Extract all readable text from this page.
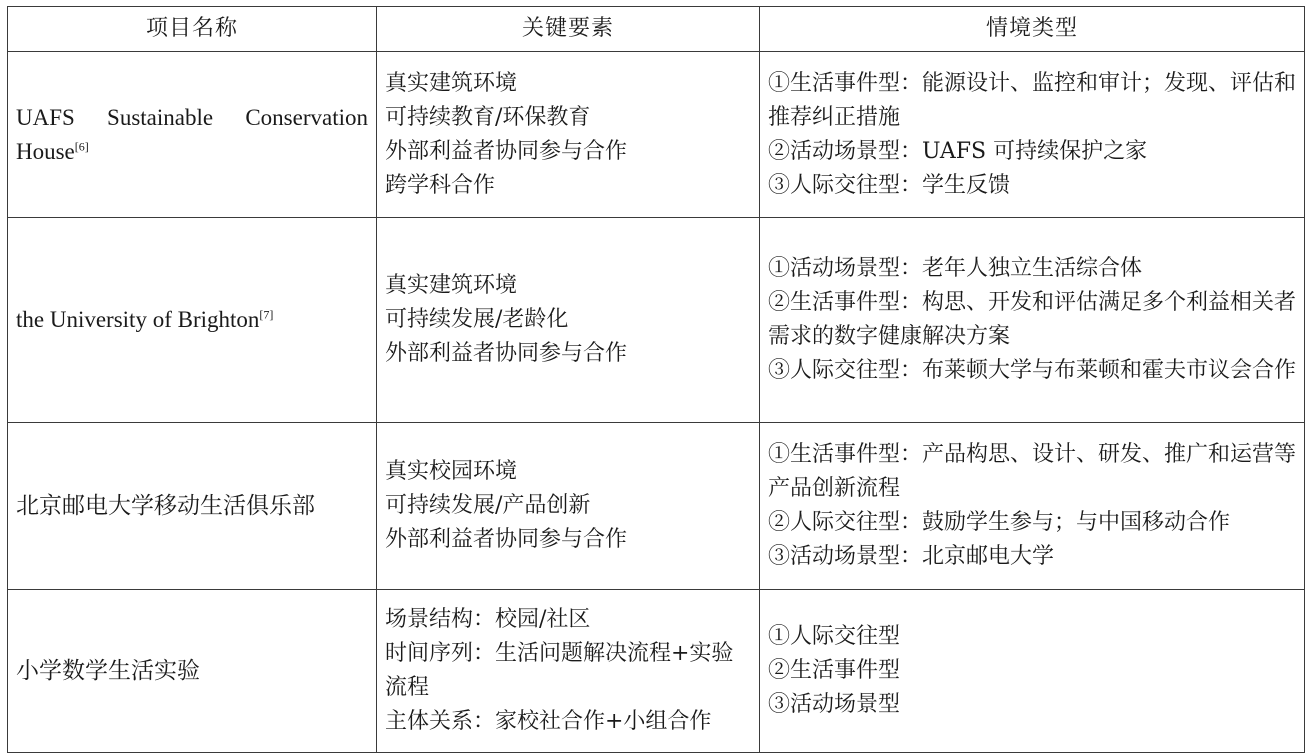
项目名称	关键要素	情境类型

UAFS Sustainable Conservation House[6]	真实建筑环境
可持续教育/环保教育
外部利益者协同参与合作
跨学科合作	①生活事件型：能源设计、监控和审计；发现、评估和推荐纠正措施
②活动场景型：UAFS 可持续保护之家
③人际交往型：学生反馈

the University of Brighton[7]	真实建筑环境
可持续发展/老龄化
外部利益者协同参与合作	①活动场景型：老年人独立生活综合体
②生活事件型：构思、开发和评估满足多个利益相关者需求的数字健康解决方案
③人际交往型：布莱顿大学与布莱顿和霍夫市议会合作

北京邮电大学移动生活俱乐部	真实校园环境
可持续发展/产品创新
外部利益者协同参与合作	①生活事件型：产品构思、设计、研发、推广和运营等产品创新流程
②人际交往型：鼓励学生参与；与中国移动合作
③活动场景型：北京邮电大学

小学数学生活实验	场景结构：校园/社区
时间序列：生活问题解决流程+实验流程
主体关系：家校社合作+小组合作	①人际交往型
②生活事件型
③活动场景型
